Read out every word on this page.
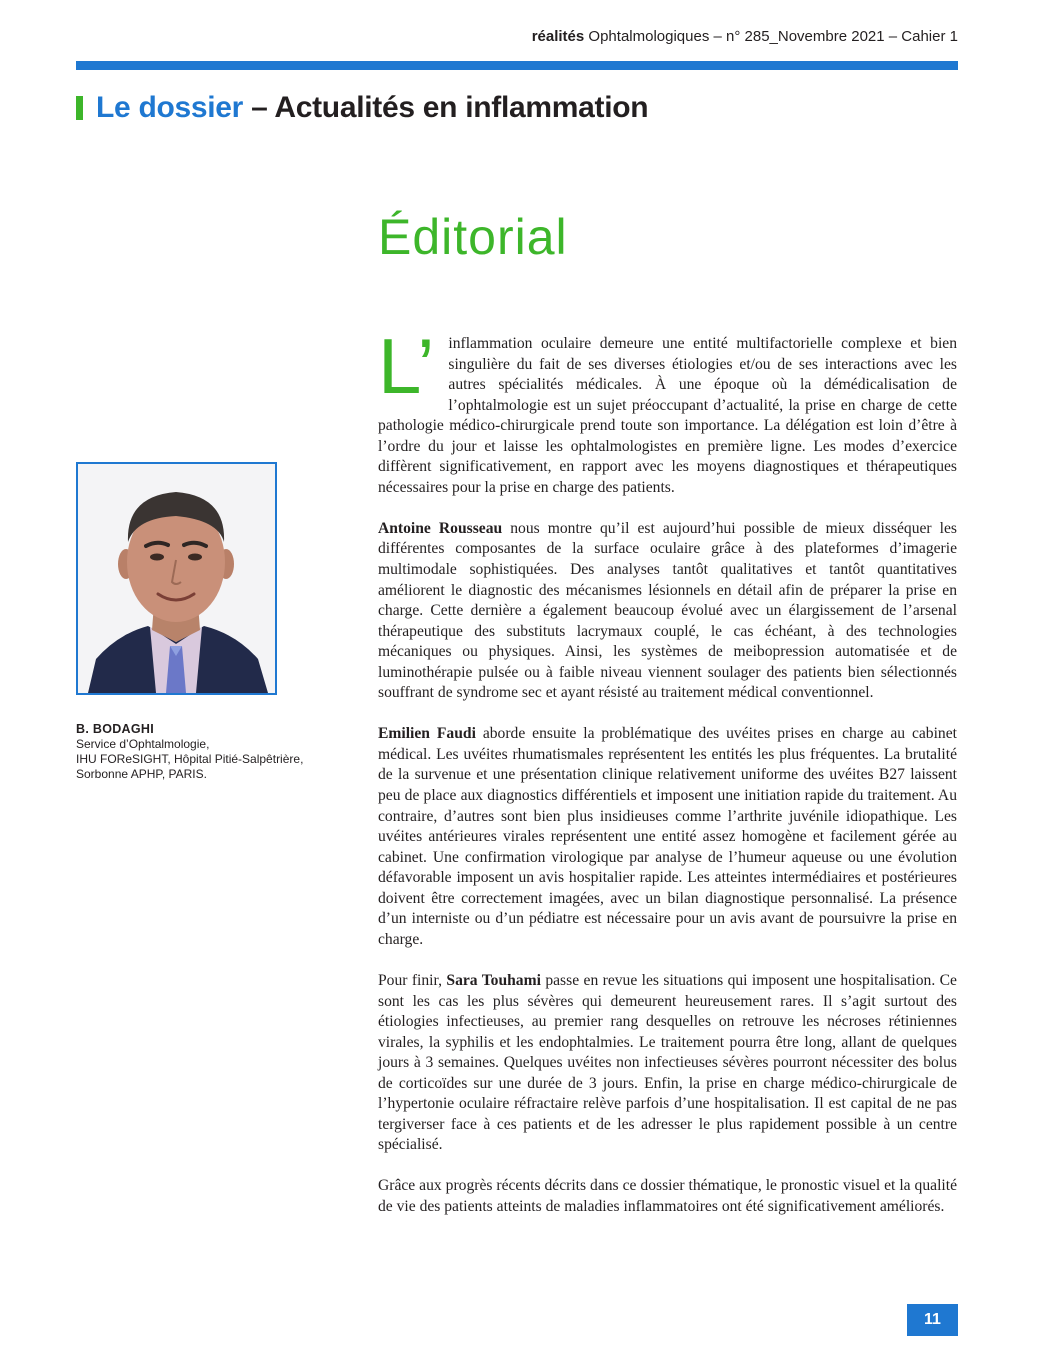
réalités Ophtalmologiques – n° 285_Novembre 2021 – Cahier 1
Le dossier – Actualités en inflammation
Éditorial
B. BODAGHI
Service d’Ophtalmologie,
IHU FOReSIGHT, Hôpital Pitié-Salpêtrière,
Sorbonne APHP, PARIS.

L’ inflammation oculaire demeure une entité multifactorielle complexe et bien singulière du fait de ses diverses étiologies et/ou de ses interactions avec les autres spécialités médicales. À une époque où la démédicalisation de l’ophtalmologie est un sujet préoccupant d’actualité, la prise en charge de cette pathologie médico-chirurgicale prend toute son importance. La délégation est loin d’être à l’ordre du jour et laisse les ophtalmologistes en première ligne. Les modes d’exercice diffèrent significativement, en rapport avec les moyens diagnostiques et thérapeutiques nécessaires pour la prise en charge des patients.

Antoine Rousseau nous montre qu’il est aujourd’hui possible de mieux disséquer les différentes composantes de la surface oculaire grâce à des plateformes d’imagerie multimodale sophistiquées. Des analyses tantôt qualitatives et tantôt quantitatives améliorent le diagnostic des mécanismes lésionnels en détail afin de préparer la prise en charge. Cette dernière a également beaucoup évolué avec un élargissement de l’arsenal thérapeutique des substituts lacrymaux couplé, le cas échéant, à des technologies mécaniques ou physiques. Ainsi, les systèmes de meibopression automatisée et de luminothérapie pulsée ou à faible niveau viennent soulager des patients bien sélectionnés souffrant de syndrome sec et ayant résisté au traitement médical conventionnel.

Emilien Faudi aborde ensuite la problématique des uvéites prises en charge au cabinet médical. Les uvéites rhumatismales représentent les entités les plus fréquentes. La brutalité de la survenue et une présentation clinique relativement uniforme des uvéites B27 laissent peu de place aux diagnostics différentiels et imposent une initiation rapide du traitement. Au contraire, d’autres sont bien plus insidieuses comme l’arthrite juvénile idiopathique. Les uvéites antérieures virales représentent une entité assez homogène et facilement gérée au cabinet. Une confirmation virologique par analyse de l’humeur aqueuse ou une évolution défavorable imposent un avis hospitalier rapide. Les atteintes intermédiaires et postérieures doivent être correctement imagées, avec un bilan diagnostique personnalisé. La présence d’un interniste ou d’un pédiatre est nécessaire pour un avis avant de poursuivre la prise en charge.

Pour finir, Sara Touhami passe en revue les situations qui imposent une hospitalisation. Ce sont les cas les plus sévères qui demeurent heureusement rares. Il s’agit surtout des étiologies infectieuses, au premier rang desquelles on retrouve les nécroses rétiniennes virales, la syphilis et les endophtalmies. Le traitement pourra être long, allant de quelques jours à 3 semaines. Quelques uvéites non infectieuses sévères pourront nécessiter des bolus de corticoïdes sur une durée de 3 jours. Enfin, la prise en charge médico-chirurgicale de l’hypertonie oculaire réfractaire relève parfois d’une hospitalisation. Il est capital de ne pas tergiverser face à ces patients et de les adresser le plus rapidement possible à un centre spécialisé.

Grâce aux progrès récents décrits dans ce dossier thématique, le pronostic visuel et la qualité de vie des patients atteints de maladies inflammatoires ont été significativement améliorés.

11
